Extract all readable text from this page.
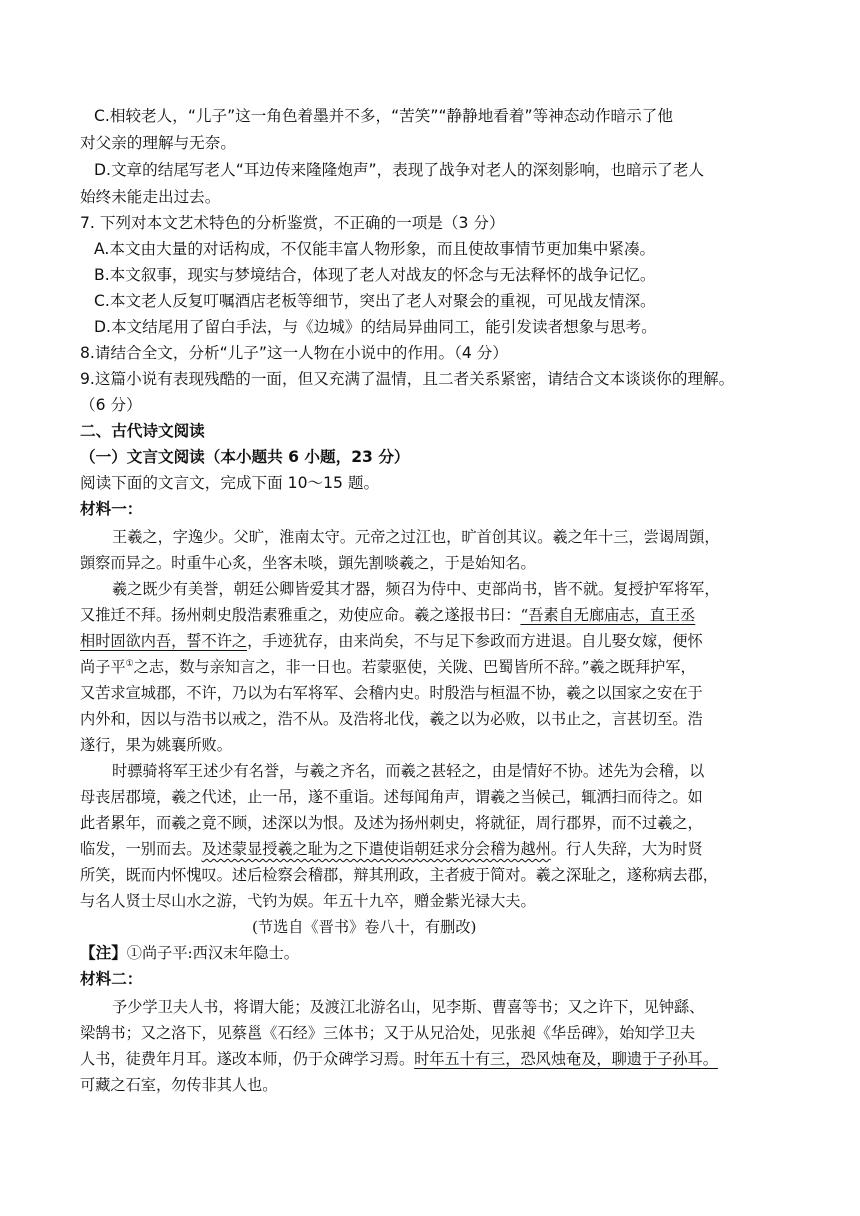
C.相较老人，“儿子”这一角色着墨并不多，“苦笑”“静静地看着”等神态动作暗示了他
对父亲的理解与无奈。
D.文章的结尾写老人“耳边传来隆隆炮声”，表现了战争对老人的深刻影响，也暗示了老人
始终未能走出过去。
7. 下列对本文艺术特色的分析鉴赏，不正确的一项是（3 分）
A.本文由大量的对话构成，不仅能丰富人物形象，而且使故事情节更加集中紧凑。
B.本文叙事，现实与梦境结合，体现了老人对战友的怀念与无法释怀的战争记忆。
C.本文老人反复叮嘱酒店老板等细节，突出了老人对聚会的重视，可见战友情深。
D.本文结尾用了留白手法，与《边城》的结局异曲同工，能引发读者想象与思考。
8.请结合全文，分析“儿子”这一人物在小说中的作用。（4 分）
9.这篇小说有表现残酷的一面，但又充满了温情，且二者关系紧密，请结合文本谈谈你的理解。
（6 分）
二、古代诗文阅读
（一）文言文阅读（本小题共 6 小题，23 分）
阅读下面的文言文，完成下面 10～15 题。
材料一：
王羲之，字逸少。父旷，淮南太守。元帝之过江也，旷首创其议。羲之年十三，尝谒周顗，
顗察而异之。时重牛心炙，坐客未啖，顗先割啖羲之，于是始知名。
羲之既少有美誉，朝廷公卿皆爱其才器，频召为侍中、吏部尚书，皆不就。复授护军将军，
又推迁不拜。扬州刺史殷浩素雅重之，劝使应命。羲之遂报书曰：“吾素自无廊庙志，直王丞
相时固欲内吾，誓不许之，手迹犹存，由来尚矣，不与足下参政而方进退。自儿娶女嫁，便怀
尚子平①之志，数与亲知言之，非一日也。若蒙驱使，关陇、巴蜀皆所不辞。”羲之既拜护军，
又苦求宣城郡，不许，乃以为右军将军、会稽内史。时殷浩与桓温不协，羲之以国家之安在于
内外和，因以与浩书以戒之，浩不从。及浩将北伐，羲之以为必败，以书止之，言甚切至。浩
遂行，果为姚襄所败。
时骠骑将军王述少有名誉，与羲之齐名，而羲之甚轻之，由是情好不协。述先为会稽，以
母丧居郡境，羲之代述，止一吊，遂不重诣。述每闻角声，谓羲之当候己，辄洒扫而待之。如
此者累年，而羲之竟不顾，述深以为恨。及述为扬州刺史，将就征，周行郡界，而不过羲之，
临发，一别而去。及述蒙显授羲之耻为之下遣使诣朝廷求分会稽为越州。行人失辞，大为时贤
所笑，既而内怀愧叹。述后检察会稽郡，辩其刑政，主者疲于简对。羲之深耻之，遂称病去郡，
与名人贤士尽山水之游，弋钓为娱。年五十九卒，赠金紫光禄大夫。
(节选自《晋书》卷八十，有删改)
【注】①尚子平:西汉末年隐士。
材料二：
予少学卫夫人书，将谓大能；及渡江北游名山，见李斯、曹喜等书；又之许下，见钟繇、
梁鹄书；又之洛下，见蔡邕《石经》三体书；又于从兄洽处，见张昶《华岳碑》，始知学卫夫
人书，徒费年月耳。遂改本师，仍于众碑学习焉。时年五十有三，恐风烛奄及，聊遗于子孙耳。
可藏之石室，勿传非其人也。
